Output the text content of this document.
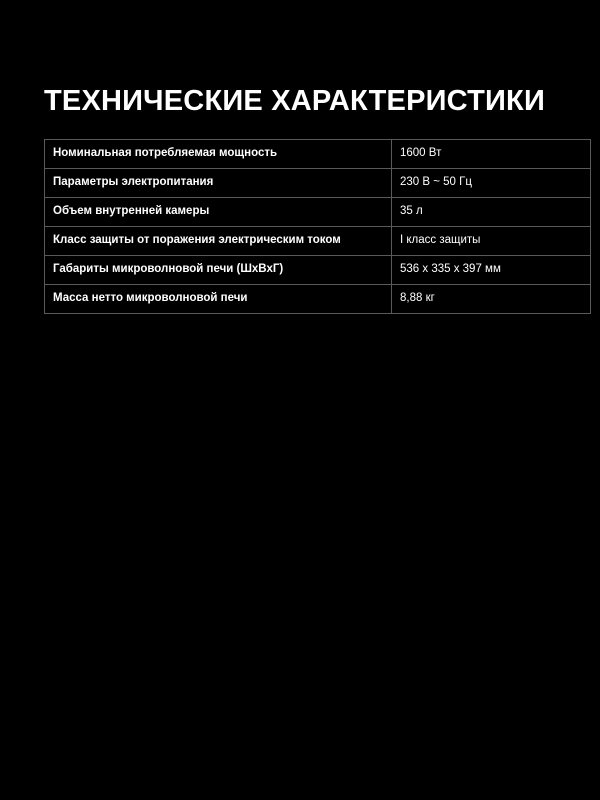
ТЕХНИЧЕСКИЕ ХАРАКТЕРИСТИКИ
Номинальная потребляемая мощность	1600 Вт
Параметры электропитания	230 В ~ 50 Гц
Объем внутренней камеры	35 л
Класс защиты от поражения электрическим током	I класс защиты
Габариты микроволновой печи (ШхВхГ)	536 x 335 x 397 мм
Масса нетто микроволновой печи	8,88 кг
